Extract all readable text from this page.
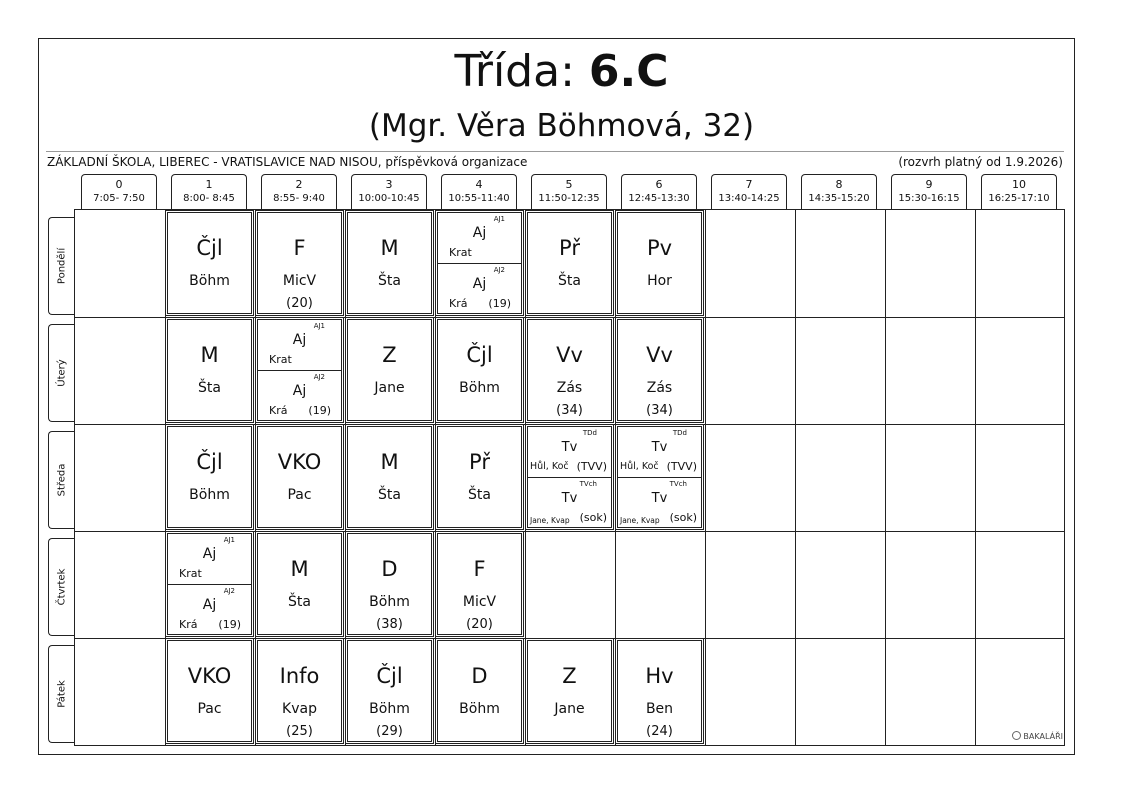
Třída: 6.C
(Mgr. Věra Böhmová, 32)
ZÁKLADNÍ ŠKOLA, LIBEREC - VRATISLAVICE NAD NISOU, příspěvková organizace	(rozvrh platný od 1.9.2026)
0
7:05- 7:50
1
8:00- 8:45
2
8:55- 9:40
3
10:00-10:45
4
10:55-11:40
5
11:50-12:35
6
12:45-13:30
7
13:40-14:25
8
14:35-15:20
9
15:30-16:15
10
16:25-17:10
Pondělí
Úterý
Středa
Čtvrtek
Pátek
Čjl
Böhm
F
MicV
(20)
M
Šta
AJ1
Aj
Krat
AJ2
Aj
Krá (19)
Př
Šta
Pv
Hor
M
Šta
AJ1
Aj
Krat
AJ2
Aj
Krá (19)
Z
Jane
Čjl
Böhm
Vv
Zás
(34)
Vv
Zás
(34)
Čjl
Böhm
VKO
Pac
M
Šta
Př
Šta
TDd
Tv
Hůl, Koč (TVV)
TVch
Tv
Jane, Kvap (sok)
TDd
Tv
Hůl, Koč (TVV)
TVch
Tv
Jane, Kvap (sok)
AJ1
Aj
Krat
AJ2
Aj
Krá (19)
M
Šta
D
Böhm
(38)
F
MicV
(20)
VKO
Pac
Info
Kvap
(25)
Čjl
Böhm
(29)
D
Böhm
Z
Jane
Hv
Ben
(24)	BAKALÁŘI
